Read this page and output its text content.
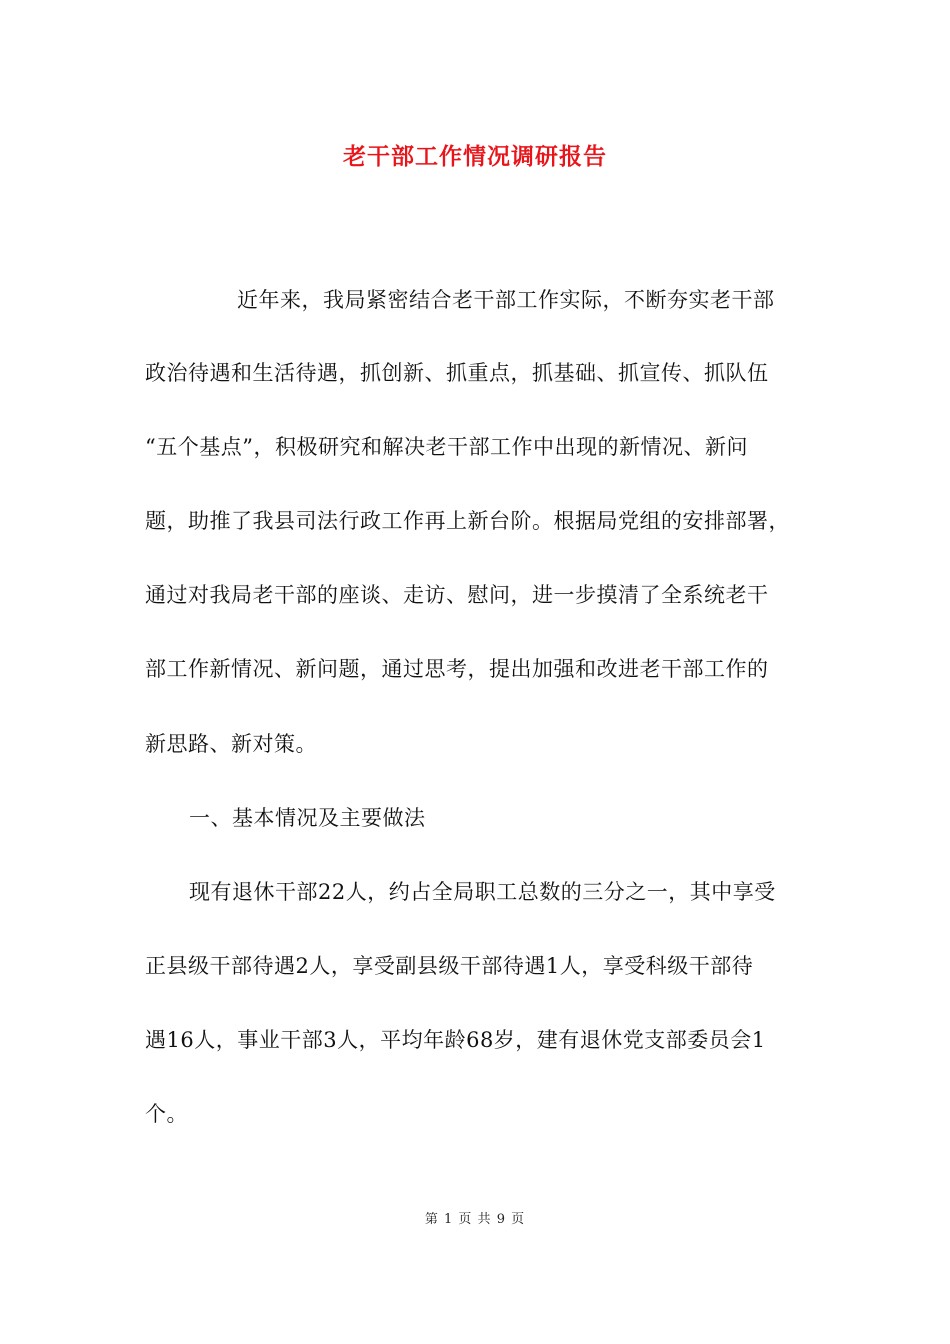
老干部工作情况调研报告
近年来，我局紧密结合老干部工作实际，不断夯实老干部
政治待遇和生活待遇，抓创新、抓重点，抓基础、抓宣传、抓队伍
“五个基点”，积极研究和解决老干部工作中出现的新情况、新问
题，助推了我县司法行政工作再上新台阶。根据局党组的安排部署，
通过对我局老干部的座谈、走访、慰问，进一步摸清了全系统老干
部工作新情况、新问题，通过思考，提出加强和改进老干部工作的
新思路、新对策。
一、基本情况及主要做法
现有退休干部22人，约占全局职工总数的三分之一，其中享受
正县级干部待遇2人，享受副县级干部待遇1人，享受科级干部待
遇16人，事业干部3人，平均年龄68岁，建有退休党支部委员会1
个。
第 1 页 共 9 页
